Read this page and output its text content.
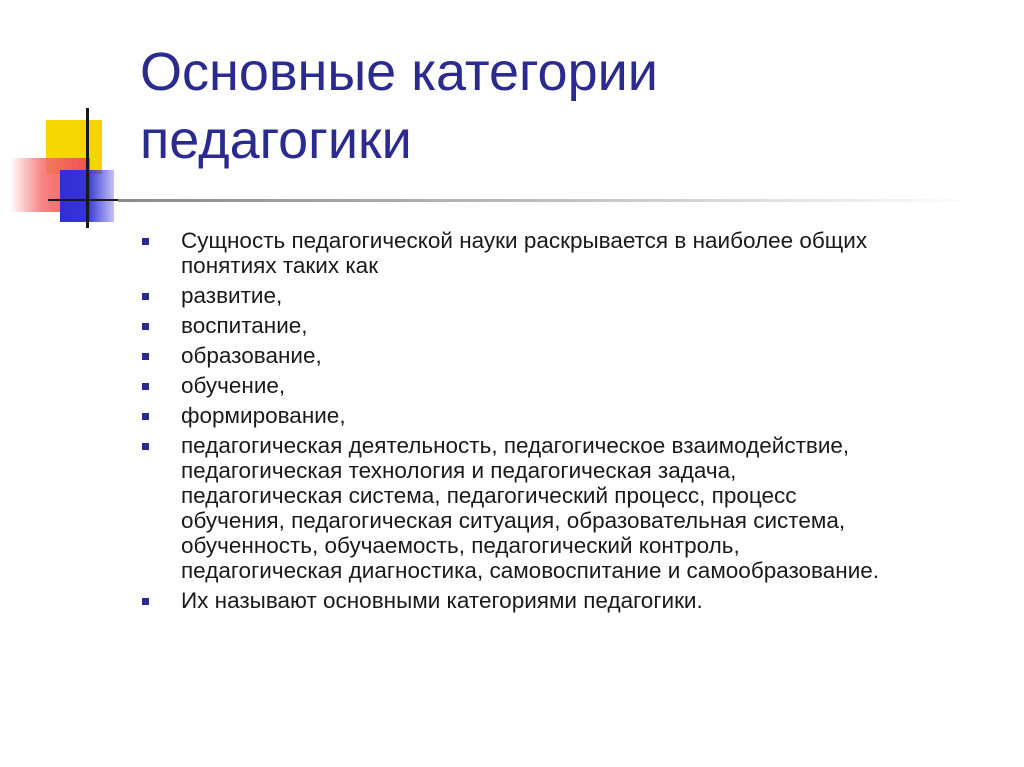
Основные категории
педагогики
Сущность педагогической науки раскрывается в наиболее общих
понятиях таких как
развитие,
воспитание,
образование,
обучение,
формирование,
педагогическая деятельность, педагогическое взаимодействие,
педагогическая технология и педагогическая задача,
педагогическая система, педагогический процесс, процесс
обучения, педагогическая ситуация, образовательная система,
обученность, обучаемость, педагогический контроль,
педагогическая диагностика, самовоспитание и самообразование.
Их называют основными категориями педагогики.
